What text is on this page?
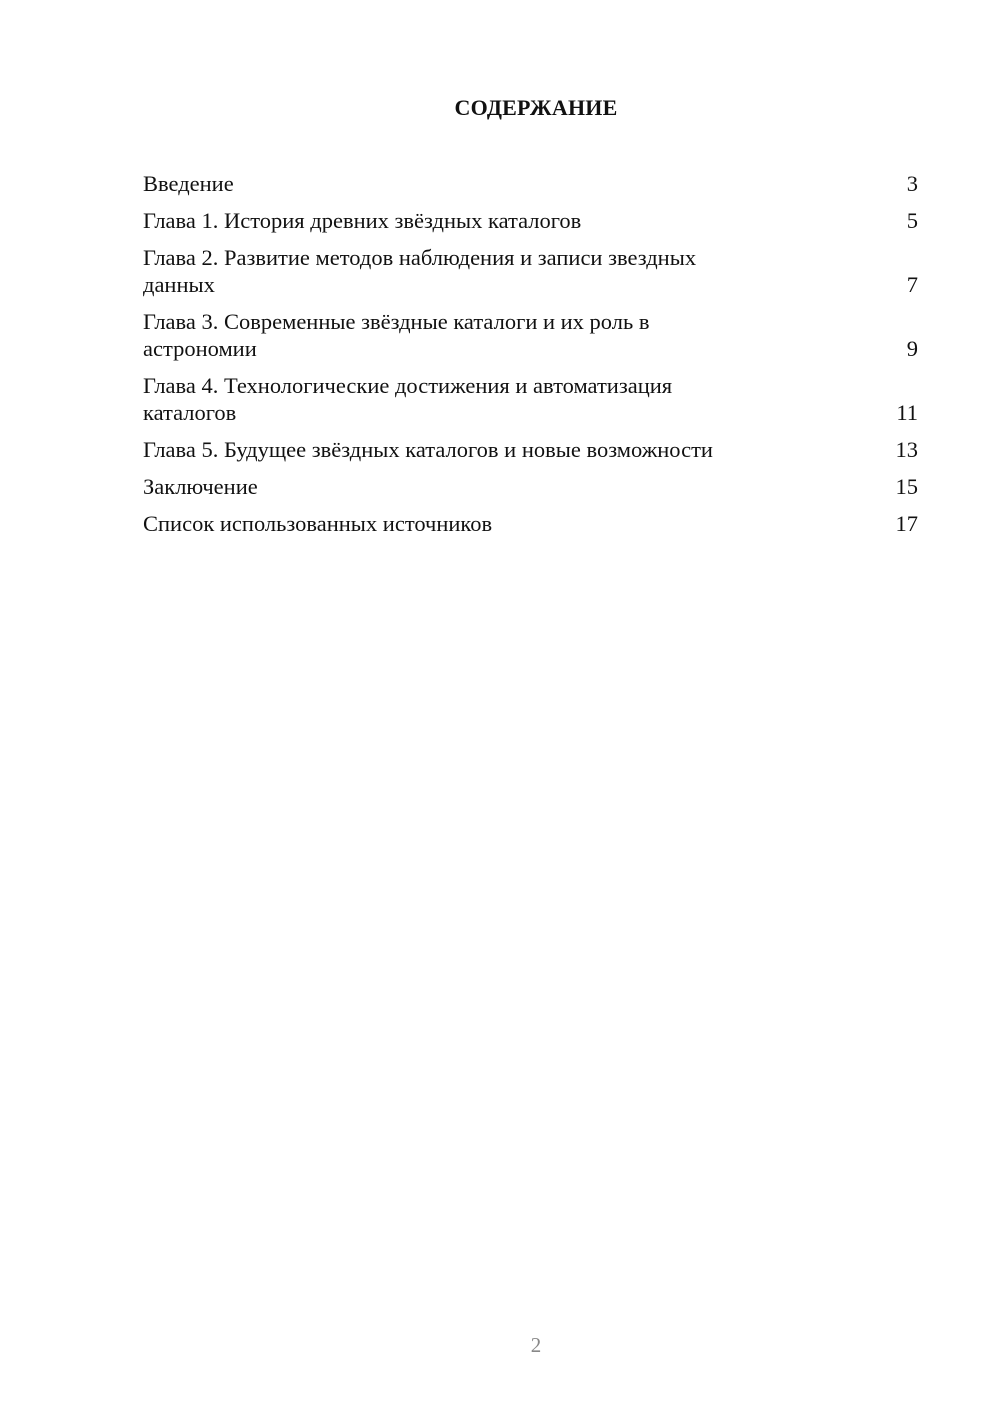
СОДЕРЖАНИЕ
Введение	3
Глава 1. История древних звёздных каталогов	5
Глава 2. Развитие методов наблюдения и записи звездных
данных	7
Глава 3. Современные звёздные каталоги и их роль в
астрономии	9
Глава 4. Технологические достижения и автоматизация
каталогов	11
Глава 5. Будущее звёздных каталогов и новые возможности	13
Заключение	15
Список использованных источников	17
2
